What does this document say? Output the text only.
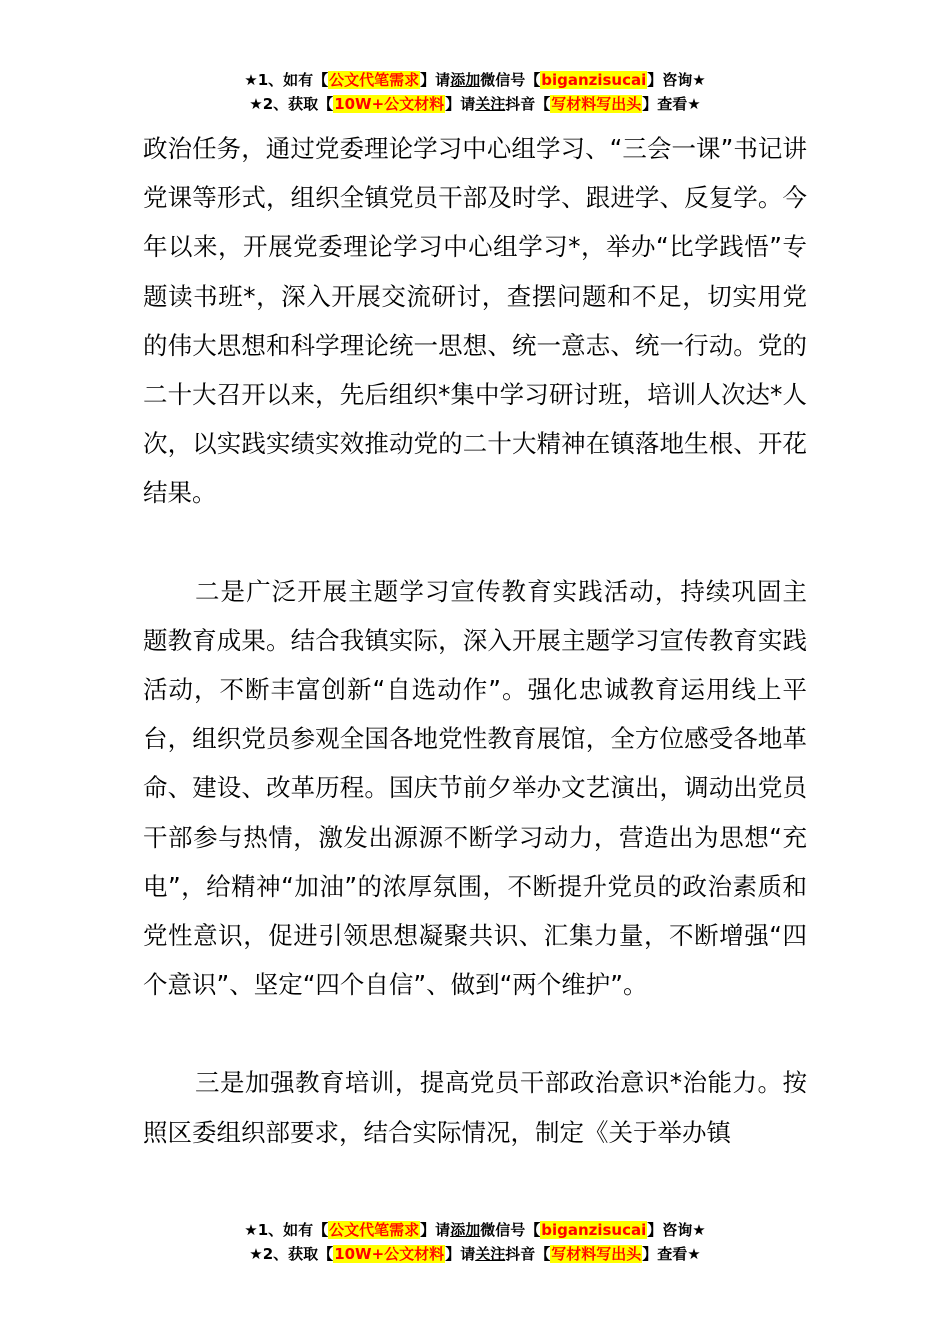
★1、如有【公文代笔需求】请添加微信号【biganzisucai】咨询★
★2、获取【10W+公文材料】请关注抖音【写材料写出头】查看★

政治任务，通过党委理论学习中心组学习、“三会一课”书记讲党课等形式，组织全镇党员干部及时学、跟进学、反复学。今年以来，开展党委理论学习中心组学习*，举办“比学践悟”专题读书班*，深入开展交流研讨，查摆问题和不足，切实用党的伟大思想和科学理论统一思想、统一意志、统一行动。党的二十大召开以来，先后组织*集中学习研讨班，培训人次达*人次，以实践实绩实效推动党的二十大精神在镇落地生根、开花结果。

二是广泛开展主题学习宣传教育实践活动，持续巩固主题教育成果。结合我镇实际，深入开展主题学习宣传教育实践活动，不断丰富创新“自选动作”。强化忠诚教育运用线上平台，组织党员参观全国各地党性教育展馆，全方位感受各地革命、建设、改革历程。国庆节前夕举办文艺演出，调动出党员干部参与热情，激发出源源不断学习动力，营造出为思想“充电”，给精神“加油”的浓厚氛围，不断提升党员的政治素质和党性意识，促进引领思想凝聚共识、汇集力量，不断增强“四个意识”、坚定“四个自信”、做到“两个维护”。

三是加强教育培训，提高党员干部政治意识*治能力。按照区委组织部要求，结合实际情况，制定《关于举办镇

★1、如有【公文代笔需求】请添加微信号【biganzisucai】咨询★
★2、获取【10W+公文材料】请关注抖音【写材料写出头】查看★
